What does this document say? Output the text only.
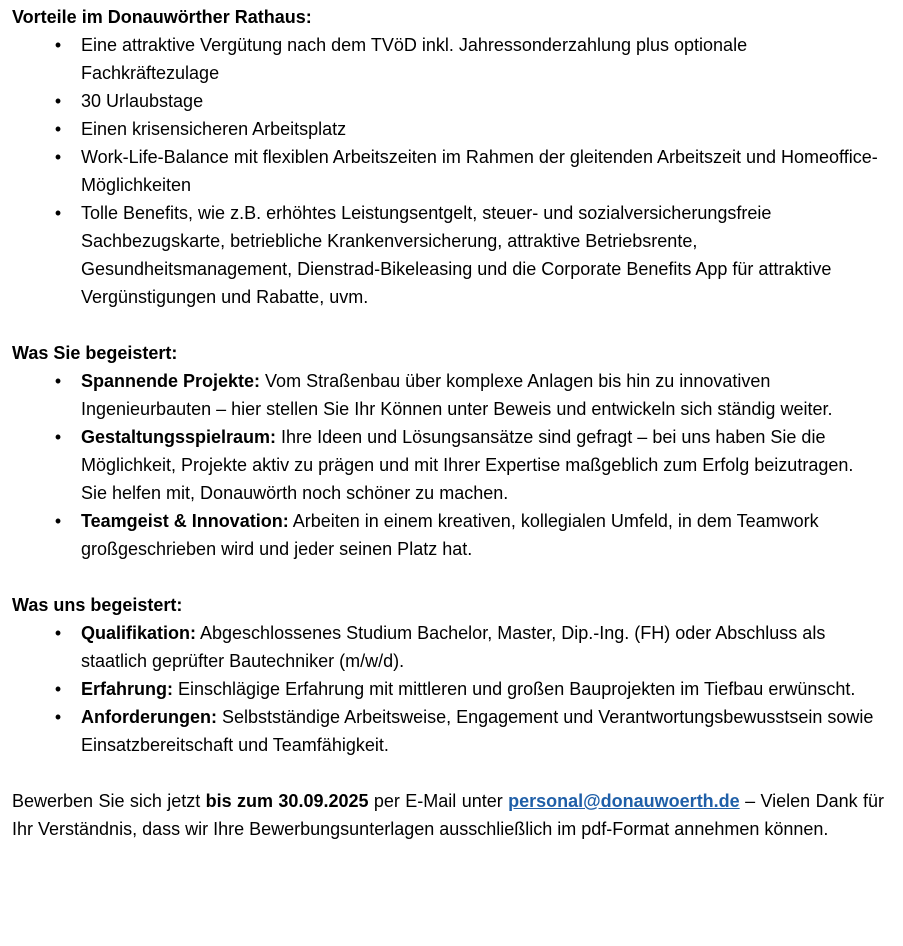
Vorteile im Donauwörther Rathaus:

•	Eine attraktive Vergütung nach dem TVöD inkl. Jahressonderzahlung plus optionale Fachkräftezulage
•	30 Urlaubstage
•	Einen krisensicheren Arbeitsplatz
•	Work-Life-Balance mit flexiblen Arbeitszeiten im Rahmen der gleitenden Arbeitszeit und Homeoffice-Möglichkeiten
•	Tolle Benefits, wie z.B. erhöhtes Leistungsentgelt, steuer- und sozialversicherungsfreie Sachbezugskarte, betriebliche Krankenversicherung, attraktive Betriebsrente, Gesundheitsmanagement, Dienstrad-Bikeleasing und die Corporate Benefits App für attraktive Vergünstigungen und Rabatte, uvm.

Was Sie begeistert:

•	Spannende Projekte: Vom Straßenbau über komplexe Anlagen bis hin zu innovativen Ingenieurbauten – hier stellen Sie Ihr Können unter Beweis und entwickeln sich ständig weiter.
•	Gestaltungsspielraum: Ihre Ideen und Lösungsansätze sind gefragt – bei uns haben Sie die Möglichkeit, Projekte aktiv zu prägen und mit Ihrer Expertise maßgeblich zum Erfolg beizutragen. Sie helfen mit, Donauwörth noch schöner zu machen.
•	Teamgeist & Innovation: Arbeiten in einem kreativen, kollegialen Umfeld, in dem Teamwork großgeschrieben wird und jeder seinen Platz hat.

Was uns begeistert:

•	Qualifikation: Abgeschlossenes Studium Bachelor, Master, Dip.-Ing. (FH) oder Abschluss als staatlich geprüfter Bautechniker (m/w/d).
•	Erfahrung: Einschlägige Erfahrung mit mittleren und großen Bauprojekten im Tiefbau erwünscht.
•	Anforderungen: Selbstständige Arbeitsweise, Engagement und Verantwortungsbewusstsein sowie Einsatzbereitschaft und Teamfähigkeit.

Bewerben Sie sich jetzt bis zum 30.09.2025 per E-Mail unter personal@donauwoerth.de – Vielen Dank für Ihr Verständnis, dass wir Ihre Bewerbungsunterlagen ausschließlich im pdf-Format annehmen können.
